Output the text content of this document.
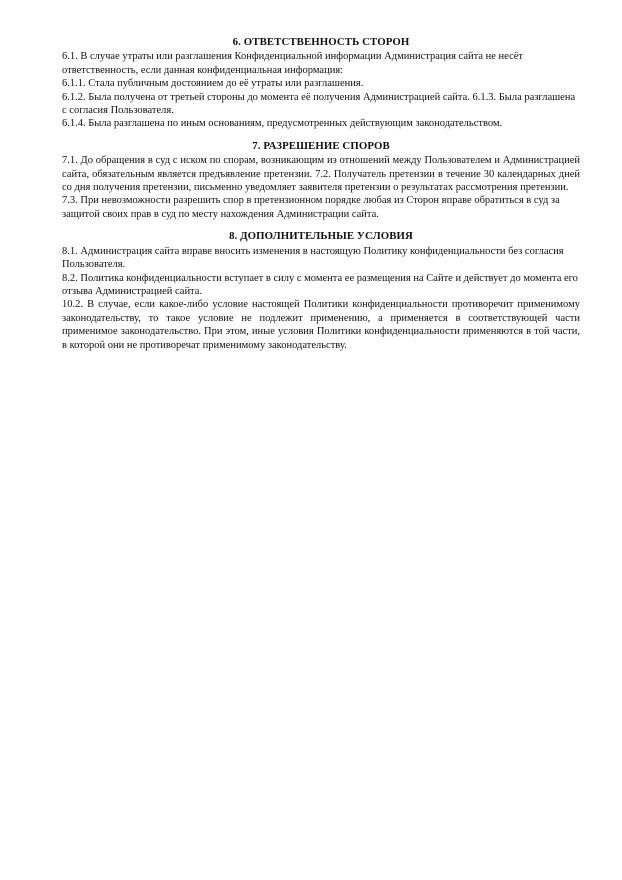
6. ОТВЕТСТВЕННОСТЬ СТОРОН

6.1. В случае утраты или разглашения Конфиденциальной информации Администрация сайта не несёт ответственность, если данная конфиденциальная информация:

6.1.1. Стала публичным достоянием до её утраты или разглашения.

6.1.2. Была получена от третьей стороны до момента её получения Администрацией сайта. 6.1.3. Была разглашена с согласия Пользователя.

6.1.4. Была разглашена по иным основаниям, предусмотренных действующим законодательством.

7. РАЗРЕШЕНИЕ СПОРОВ

7.1. До обращения в суд с иском по спорам, возникающим из отношений между Пользователем и Администрацией сайта, обязательным является предъявление претензии. 7.2. Получатель претензии в течение 30 календарных дней со дня получения претензии, письменно уведомляет заявителя претензии о результатах рассмотрения претензии.

7.3. При невозможности разрешить спор в претензионном порядке любая из Сторон вправе обратиться в суд за защитой своих прав в суд по месту нахождения Администрации сайта.

8. ДОПОЛНИТЕЛЬНЫЕ УСЛОВИЯ

8.1. Администрация сайта вправе вносить изменения в настоящую Политику конфиденциальности без согласия Пользователя.

8.2. Политика конфиденциальности вступает в силу с момента ее размещения на Сайте и действует до момента его отзыва Администрацией сайта.

10.2. В случае, если какое-либо условие настоящей Политики конфиденциальности противоречит применимому законодательству, то такое условие не подлежит применению, а применяется в соответствующей части применимое законодательство. При этом, иные условия Политики конфиденциальности применяются в той части, в которой они не противоречат применимому законодательству.
